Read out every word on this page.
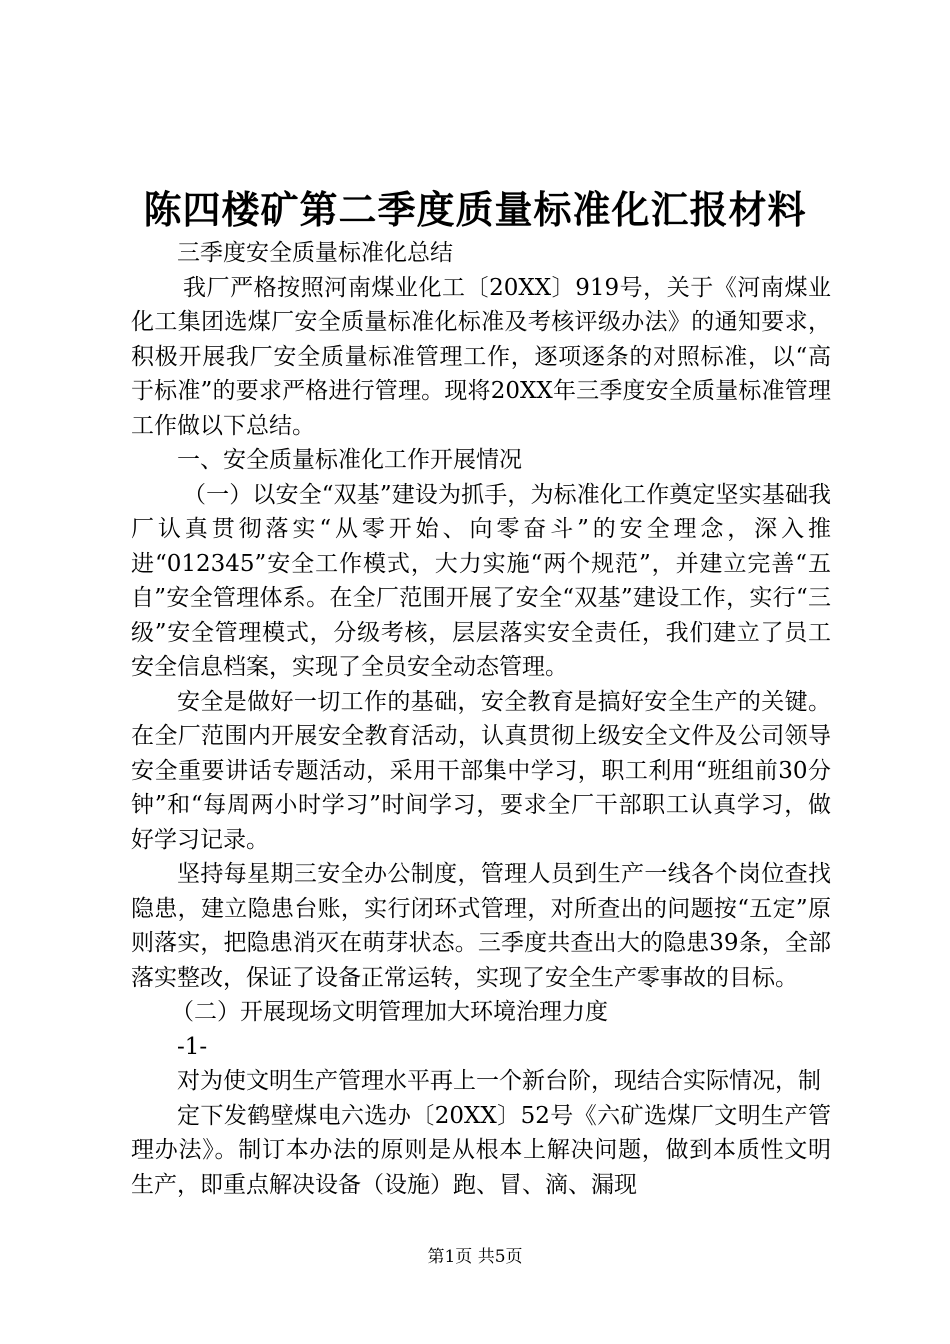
陈四楼矿第二季度质量标准化汇报材料

三季度安全质量标准化总结

我厂严格按照河南煤业化工〔20XX〕919号，关于《河南煤业化工集团选煤厂安全质量标准化标准及考核评级办法》的通知要求，积极开展我厂安全质量标准管理工作，逐项逐条的对照标准，以“高于标准”的要求严格进行管理。现将20XX年三季度安全质量标准管理工作做以下总结。

一、安全质量标准化工作开展情况

（一）以安全“双基”建设为抓手，为标准化工作奠定坚实基础我厂认真贯彻落实“从零开始、向零奋斗”的安全理念，深入推进“012345”安全工作模式，大力实施“两个规范”，并建立完善“五自”安全管理体系。在全厂范围开展了安全“双基”建设工作，实行“三级”安全管理模式，分级考核，层层落实安全责任，我们建立了员工安全信息档案，实现了全员安全动态管理。

安全是做好一切工作的基础，安全教育是搞好安全生产的关键。在全厂范围内开展安全教育活动，认真贯彻上级安全文件及公司领导安全重要讲话专题活动，采用干部集中学习，职工利用“班组前30分钟”和“每周两小时学习”时间学习，要求全厂干部职工认真学习，做好学习记录。

坚持每星期三安全办公制度，管理人员到生产一线各个岗位查找隐患，建立隐患台账，实行闭环式管理，对所查出的问题按“五定”原则落实，把隐患消灭在萌芽状态。三季度共查出大的隐患39条，全部落实整改，保证了设备正常运转，实现了安全生产零事故的目标。

（二）开展现场文明管理加大环境治理力度

-1-

对为使文明生产管理水平再上一个新台阶，现结合实际情况，制

定下发鹤壁煤电六选办〔20XX〕52号《六矿选煤厂文明生产管理办法》。制订本办法的原则是从根本上解决问题，做到本质性文明生产，即重点解决设备（设施）跑、冒、滴、漏现

第1页 共5页
